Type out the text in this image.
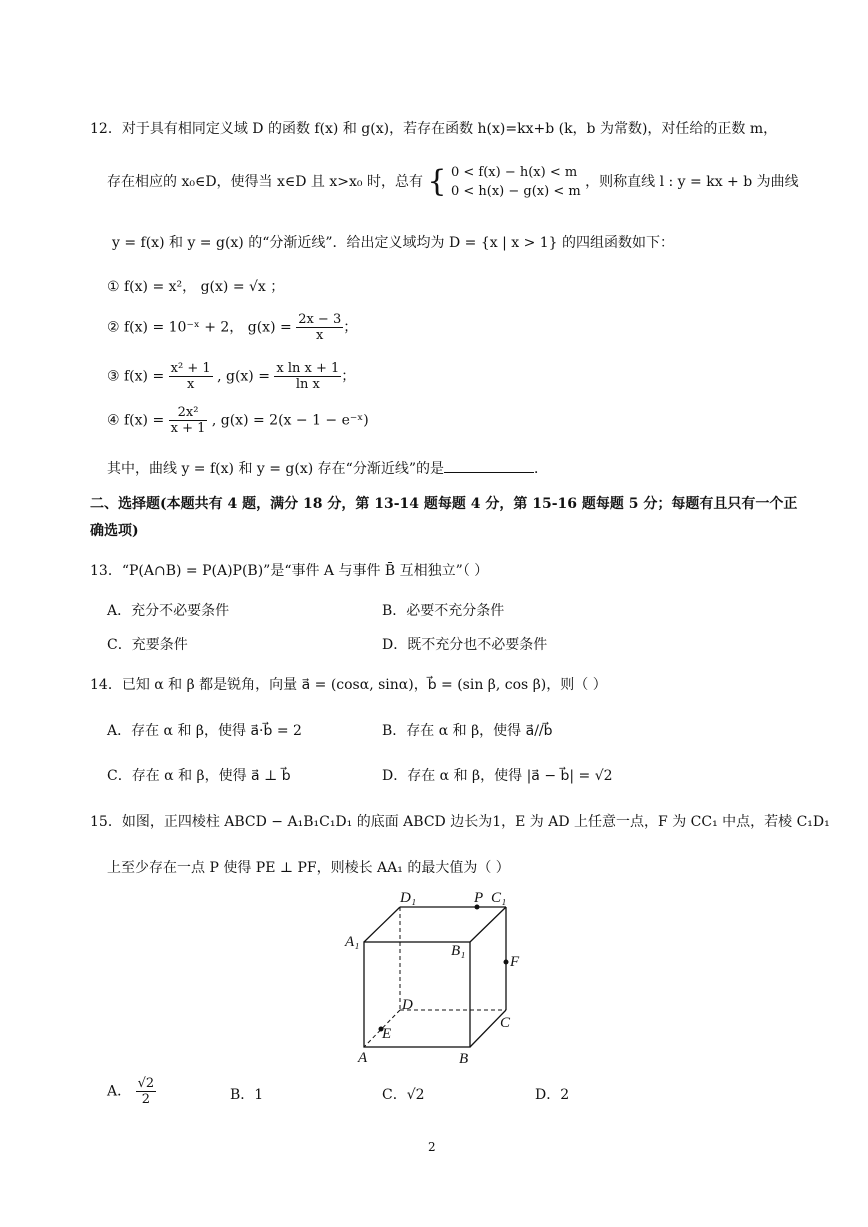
12．对于具有相同定义域 D 的函数 f(x) 和 g(x)，若存在函数 h(x)=kx+b (k，b 为常数)，对任给的正数 m，
存在相应的 x₀∈D，使得当 x∈D 且 x>x₀ 时，总有 { 0 < f(x) − h(x) < m
0 < h(x) − g(x) < m
，则称直线 l : y = kx + b 为曲线
y = f(x) 和 y = g(x) 的“分渐近线”．给出定义域均为 D = {x | x > 1} 的四组函数如下：
① f(x) = x²， g(x) = √x ；
② f(x) = 10⁻ˣ + 2， $g(x) = \frac{2x - 3}{x}$ ；
③ $f(x) = \frac{\text{x² + 1}}{x}$ , $g(x) = \frac{\text{x ln x + 1}}{\text{ln x}}$ ；
④ $f(x) = \frac{\text{2x²}}{x + 1}$ , g(x) = 2(x − 1 − e⁻ˣ)
其中，曲线 y = f(x) 和 y = g(x) 存在“分渐近线”的是	．
二、选择题(本题共有 4 题，满分 18 分，第 13-14 题每题 4 分，第 15-16 题每题 5 分；每题有且只有一个正
确选项)
13．“P(A∩B) = P(A)P(B)”是“事件 A 与事件 B̄ 互相独立”（ ）
A．充分不必要条件	B．必要不充分条件
C．充要条件	D．既不充分也不必要条件
14．已知 α 和 β 都是锐角，向量 a⃗ = (cosα, sinα)，b⃗ = (sin β, cos β)，则（ ）
A．存在 α 和 β，使得 a⃗·b⃗ = 2	B．存在 α 和 β，使得 a⃗//b⃗
C．存在 α 和 β，使得 a⃗ ⊥ b⃗	D．存在 α 和 β，使得 |a⃗ − b⃗| = √2
15．如图，正四棱柱 ABCD − A₁B₁C₁D₁ 的底面 ABCD 边长为1，E 为 AD 上任意一点，F 为 CC₁ 中点，若棱 C₁D₁
上至少存在一点 P 使得 PE ⊥ PF，则棱长 AA₁ 的最大值为（ ）
D₁	P C₁
A₁
B₁
F
D
C
E
A	B
A． $\frac{√2}{2}$	B．1	C．√2	D．2
2
